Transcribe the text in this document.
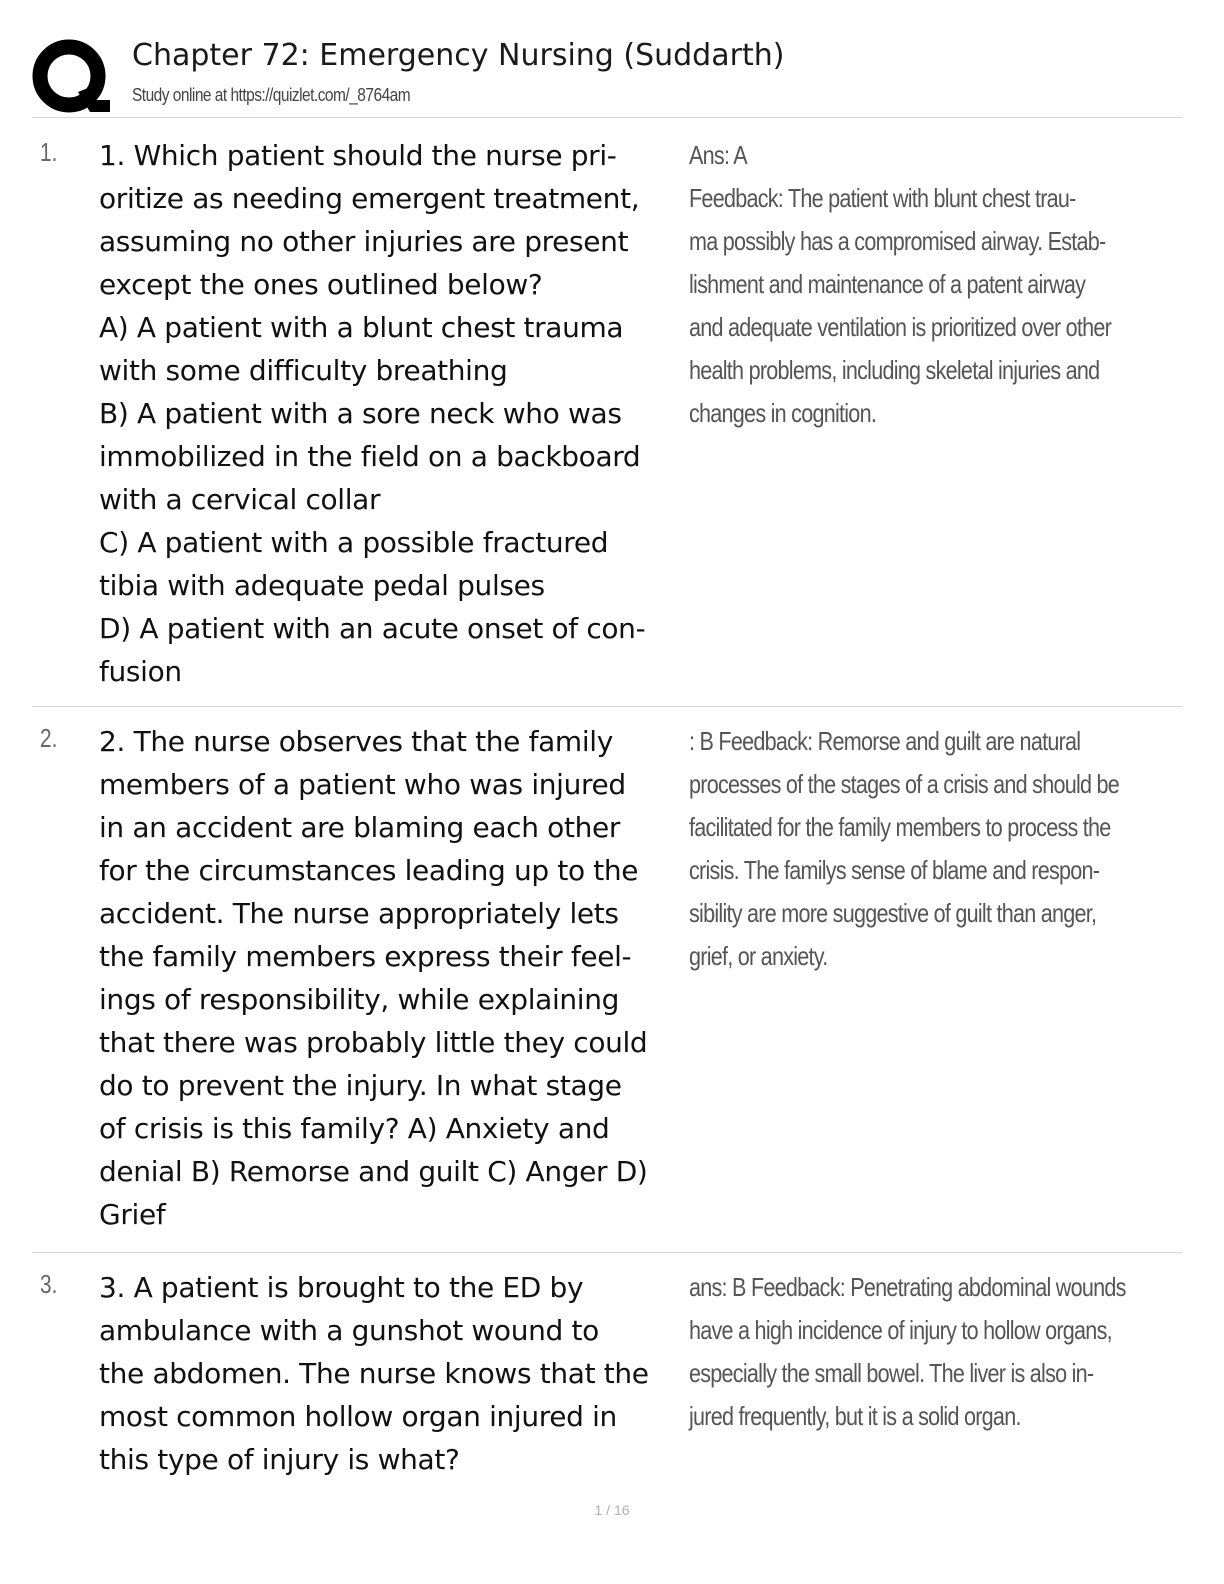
Chapter 72: Emergency Nursing (Suddarth)
Study online at https://quizlet.com/_8764am
1. 1. Which patient should the nurse pri-
oritize as needing emergent treatment,
assuming no other injuries are present
except the ones outlined below?
A) A patient with a blunt chest trauma
with some difficulty breathing
B) A patient with a sore neck who was
immobilized in the field on a backboard
with a cervical collar
C) A patient with a possible fractured
tibia with adequate pedal pulses
D) A patient with an acute onset of con-
fusion
Ans: A
Feedback: The patient with blunt chest trau-
ma possibly has a compromised airway. Estab-
lishment and maintenance of a patent airway
and adequate ventilation is prioritized over other
health problems, including skeletal injuries and
changes in cognition.
2. 2. The nurse observes that the family
members of a patient who was injured
in an accident are blaming each other
for the circumstances leading up to the
accident. The nurse appropriately lets
the family members express their feel-
ings of responsibility, while explaining
that there was probably little they could
do to prevent the injury. In what stage
of crisis is this family? A) Anxiety and
denial B) Remorse and guilt C) Anger D)
Grief
: B Feedback: Remorse and guilt are natural
processes of the stages of a crisis and should be
facilitated for the family members to process the
crisis. The familys sense of blame and respon-
sibility are more suggestive of guilt than anger,
grief, or anxiety.
3. 3. A patient is brought to the ED by
ambulance with a gunshot wound to
the abdomen. The nurse knows that the
most common hollow organ injured in
this type of injury is what?
ans: B Feedback: Penetrating abdominal wounds
have a high incidence of injury to hollow organs,
especially the small bowel. The liver is also in-
jured frequently, but it is a solid organ.
1 / 16
